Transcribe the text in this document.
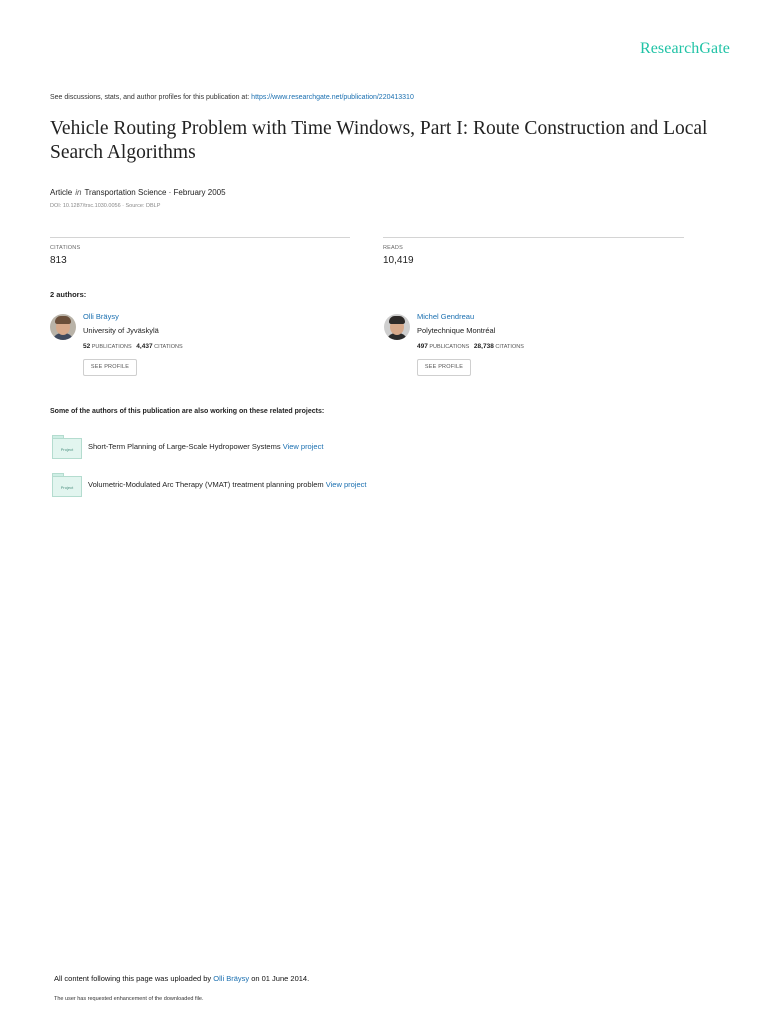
ResearchGate
See discussions, stats, and author profiles for this publication at: https://www.researchgate.net/publication/220413310
Vehicle Routing Problem with Time Windows, Part I: Route Construction and Local Search Algorithms
Article in Transportation Science · February 2005
DOI: 10.1287/trsc.1030.0056 · Source: DBLP
CITATIONS
813
READS
10,419
2 authors:
Olli Bräysy
University of Jyväskylä
52 PUBLICATIONS 4,437 CITATIONS
SEE PROFILE
Michel Gendreau
Polytechnique Montréal
497 PUBLICATIONS 28,738 CITATIONS
SEE PROFILE
Some of the authors of this publication are also working on these related projects:
Project	Short-Term Planning of Large-Scale Hydropower Systems View project
Project	Volumetric-Modulated Arc Therapy (VMAT) treatment planning problem View project
All content following this page was uploaded by Olli Bräysy on 01 June 2014.
The user has requested enhancement of the downloaded file.
